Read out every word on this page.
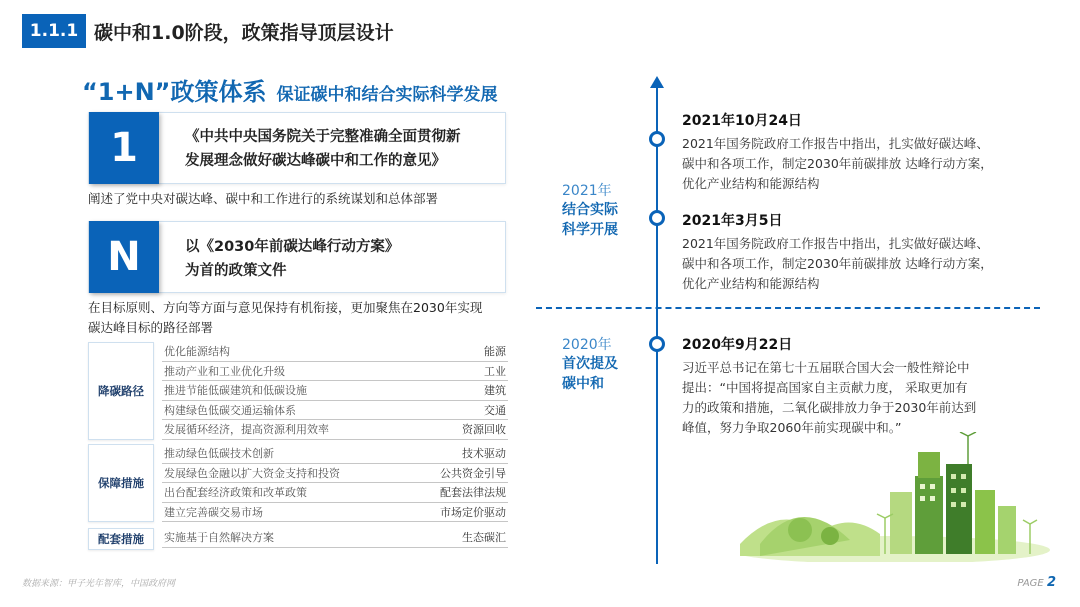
1.1.1 碳中和1.0阶段，政策指导顶层设计
“1+N”政策体系 保证碳中和结合实际科学发展
1	《中共中央国务院关于完整准确全面贯彻新
发展理念做好碳达峰碳中和工作的意见》
阐述了党中央对碳达峰、碳中和工作进行的系统谋划和总体部署
N	以《2030年前碳达峰行动方案》
为首的政策文件
在目标原则、方向等方面与意见保持有机衔接，更加聚焦在2030年实现
碳达峰目标的路径部署
降碳路径
优化能源结构	能源
推动产业和工业优化升级	工业
推进节能低碳建筑和低碳设施	建筑
构建绿色低碳交通运输体系	交通
发展循环经济，提高资源利用效率	资源回收
保障措施
推动绿色低碳技术创新	技术驱动
发展绿色金融以扩大资金支持和投资	公共资金引导
出台配套经济政策和改革政策	配套法律法规
建立完善碳交易市场	市场定价驱动
配套措施	实施基于自然解决方案	生态碳汇
2021年
结合实际
科学开展
2020年
首次提及
碳中和
2021年10月24日
2021年国务院政府工作报告中指出，扎实做好碳达峰、
碳中和各项工作，制定2030年前碳排放 达峰行动方案，
优化产业结构和能源结构
2021年3月5日
2021年国务院政府工作报告中指出，扎实做好碳达峰、
碳中和各项工作，制定2030年前碳排放 达峰行动方案，
优化产业结构和能源结构
2020年9月22日
习近平总书记在第七十五届联合国大会一般性辩论中
提出：“中国将提高国家自主贡献力度， 采取更加有
力的政策和措施，二氧化碳排放力争于2030年前达到
峰值，努力争取2060年前实现碳中和。”
数据来源：甲子光年智库，中国政府网	PAGE 2
